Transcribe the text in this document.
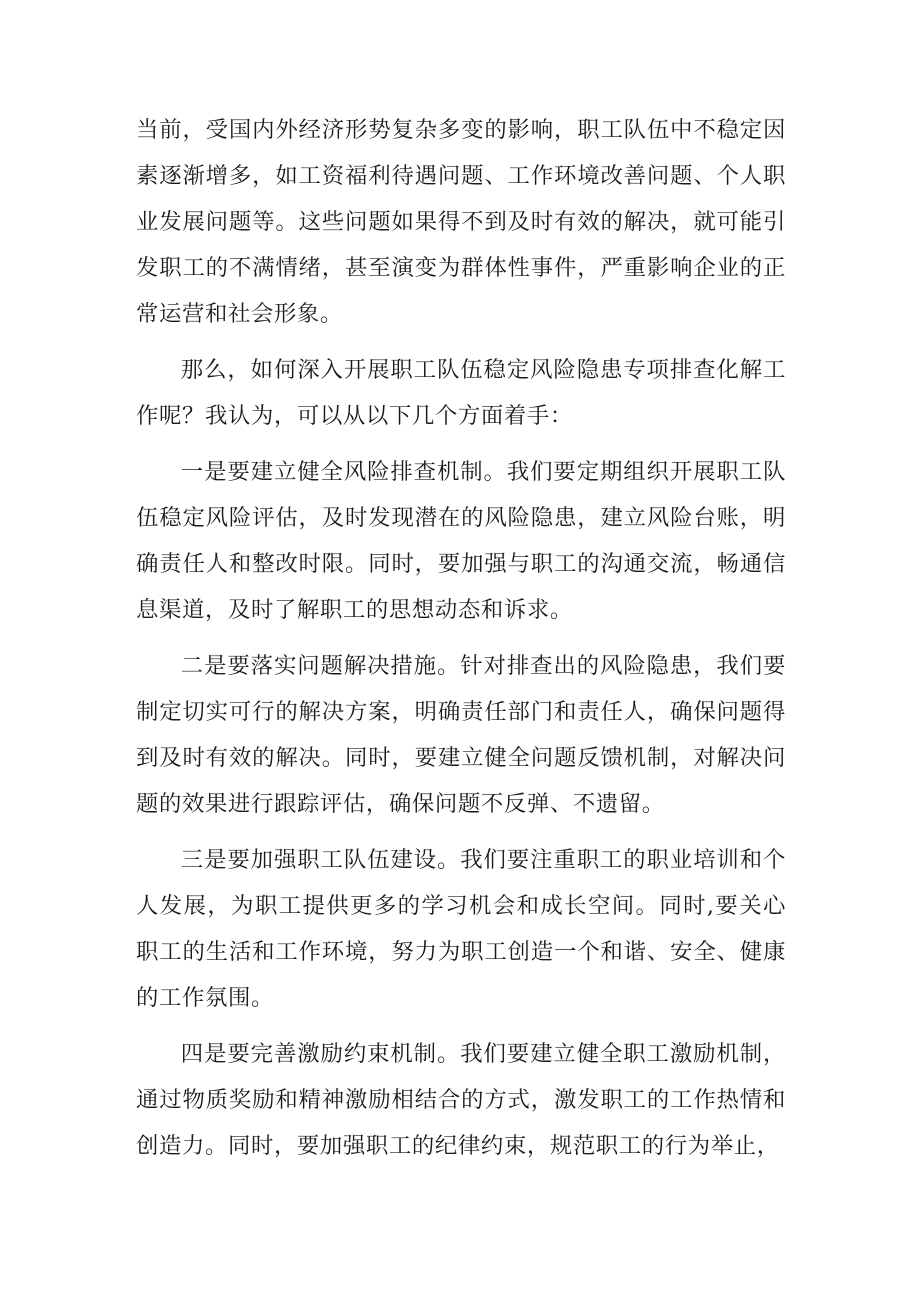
当前，受国内外经济形势复杂多变的影响，职工队伍中不稳定因素逐渐增多，如工资福利待遇问题、工作环境改善问题、个人职业发展问题等。这些问题如果得不到及时有效的解决，就可能引发职工的不满情绪，甚至演变为群体性事件，严重影响企业的正常运营和社会形象。

那么，如何深入开展职工队伍稳定风险隐患专项排查化解工作呢？我认为，可以从以下几个方面着手：

一是要建立健全风险排查机制。我们要定期组织开展职工队伍稳定风险评估，及时发现潜在的风险隐患，建立风险台账，明确责任人和整改时限。同时，要加强与职工的沟通交流，畅通信息渠道，及时了解职工的思想动态和诉求。

二是要落实问题解决措施。针对排查出的风险隐患，我们要制定切实可行的解决方案，明确责任部门和责任人，确保问题得到及时有效的解决。同时，要建立健全问题反馈机制，对解决问题的效果进行跟踪评估，确保问题不反弹、不遗留。

三是要加强职工队伍建设。我们要注重职工的职业培训和个人发展，为职工提供更多的学习机会和成长空间。同时,要关心职工的生活和工作环境，努力为职工创造一个和谐、安全、健康的工作氛围。

四是要完善激励约束机制。我们要建立健全职工激励机制，通过物质奖励和精神激励相结合的方式，激发职工的工作热情和创造力。同时，要加强职工的纪律约束，规范职工的行为举止，
